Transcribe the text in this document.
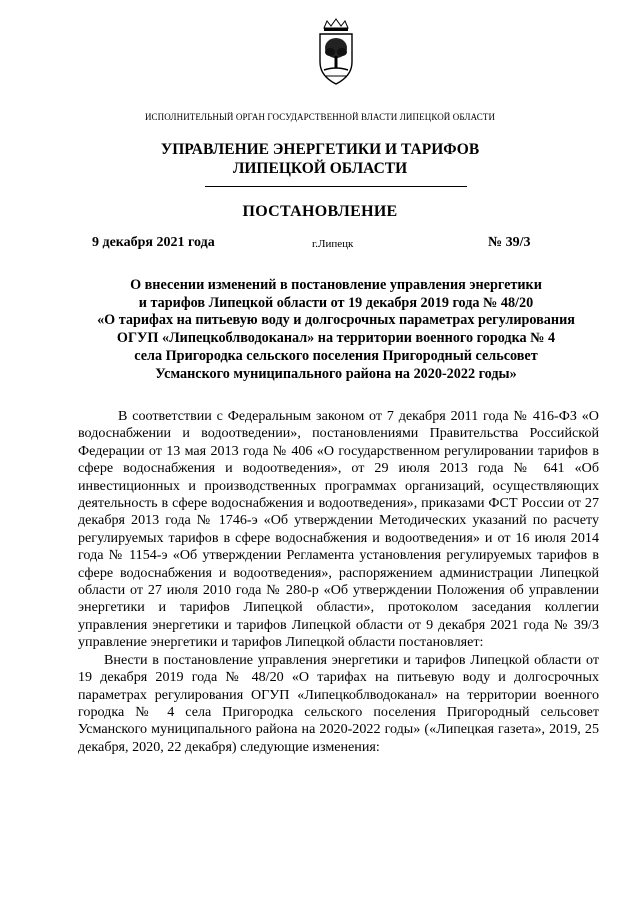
ИСПОЛНИТЕЛЬНЫЙ ОРГАН ГОСУДАРСТВЕННОЙ ВЛАСТИ ЛИПЕЦКОЙ ОБЛАСТИ
УПРАВЛЕНИЕ ЭНЕРГЕТИКИ И ТАРИФОВ
ЛИПЕЦКОЙ ОБЛАСТИ
ПОСТАНОВЛЕНИЕ
9 декабря 2021 года	г.Липецк	№ 39/3
О внесении изменений в постановление управления энергетики
и тарифов Липецкой области от 19 декабря 2019 года № 48/20
«О тарифах на питьевую воду и долгосрочных параметрах регулирования
ОГУП «Липецкоблводоканал» на территории военного городка № 4
села Пригородка сельского поселения Пригородный сельсовет
Усманского муниципального района на 2020-2022 годы»

В соответствии с Федеральным законом от 7 декабря 2011 года № 416-ФЗ «О водоснабжении и водоотведении», постановлениями Правительства Российской Федерации от 13 мая 2013 года № 406 «О государственном регулировании тарифов в сфере водоснабжения и водоотведения», от 29 июля 2013 года № 641 «Об инвестиционных и производственных программах организаций, осуществляющих деятельность в сфере водоснабжения и водоотведения», приказами ФСТ России от 27 декабря 2013 года № 1746-э «Об утверждении Методических указаний по расчету регулируемых тарифов в сфере водоснабжения и водоотведения» и от 16 июля 2014 года № 1154-э «Об утверждении Регламента установления регулируемых тарифов в сфере водоснабжения и водоотведения», распоряжением администрации Липецкой области от 27 июля 2010 года № 280-р «Об утверждении Положения об управлении энергетики и тарифов Липецкой области», протоколом заседания коллегии управления энергетики и тарифов Липецкой области от 9 декабря 2021 года № 39/3 управление энергетики и тарифов Липецкой области постановляет:

Внести в постановление управления энергетики и тарифов Липецкой области от 19 декабря 2019 года № 48/20 «О тарифах на питьевую воду и долгосрочных параметрах регулирования ОГУП «Липецкоблводоканал» на территории военного городка № 4 села Пригородка сельского поселения Пригородный сельсовет Усманского муниципального района на 2020-2022 годы» («Липецкая газета», 2019, 25 декабря, 2020, 22 декабря) следующие изменения:
